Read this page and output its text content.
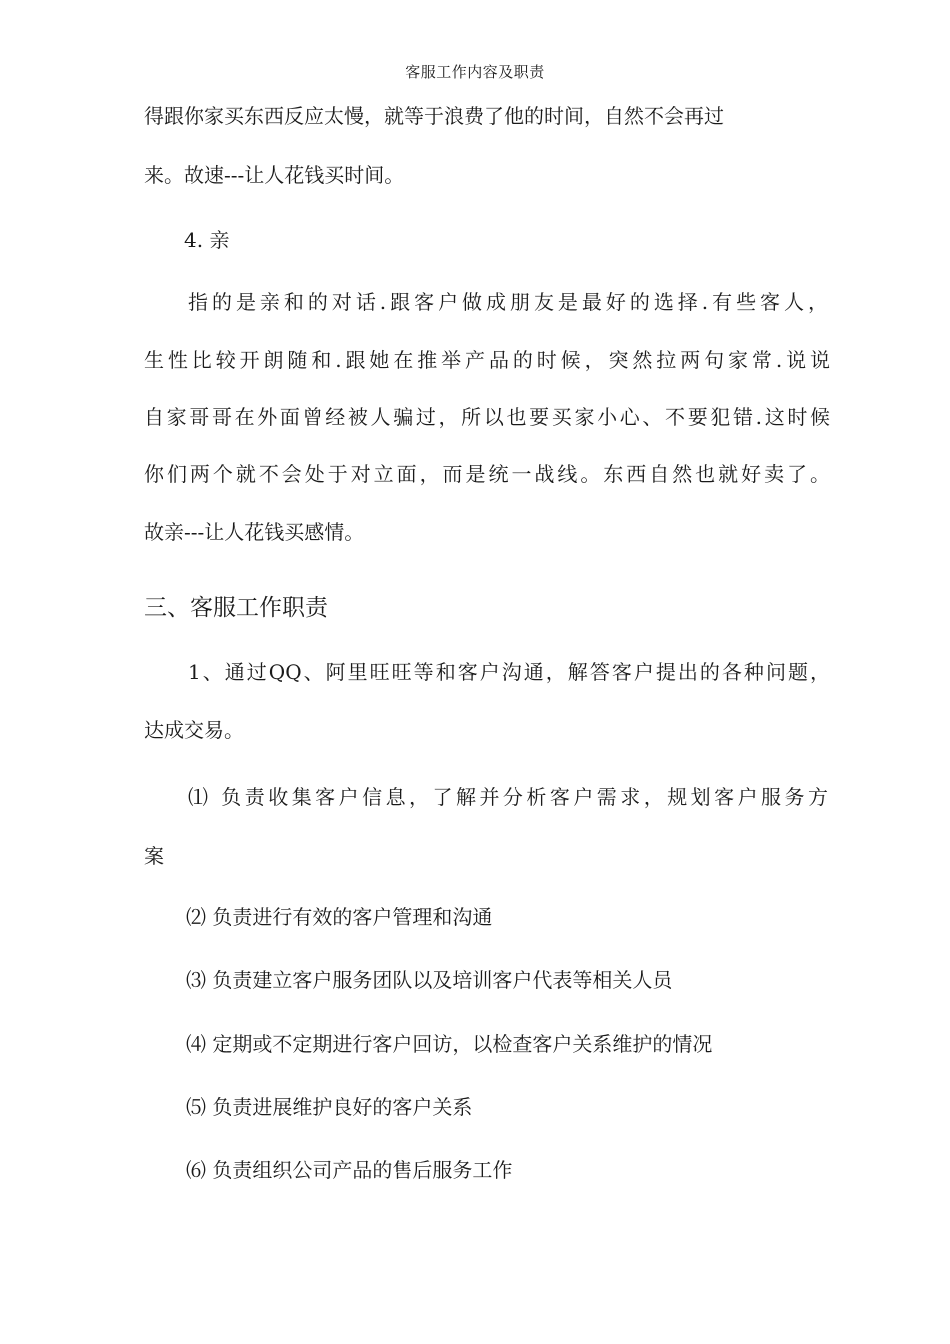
客服工作内容及职责
得跟你家买东西反应太慢，就等于浪费了他的时间，自然不会再过
来。故速---让人花钱买时间。
4. 亲
指的是亲和的对话.跟客户做成朋友是最好的选择.有些客人，
生性比较开朗随和.跟她在推举产品的时候，突然拉两句家常.说说
自家哥哥在外面曾经被人骗过，所以也要买家小心、不要犯错.这时候
你们两个就不会处于对立面，而是统一战线。东西自然也就好卖了。
故亲---让人花钱买感情。
三、客服工作职责
1、通过QQ、阿里旺旺等和客户沟通，解答客户提出的各种问题，
达成交易。
⑴ 负责收集客户信息，了解并分析客户需求，规划客户服务方
案
⑵ 负责进行有效的客户管理和沟通
⑶ 负责建立客户服务团队以及培训客户代表等相关人员
⑷ 定期或不定期进行客户回访，以检查客户关系维护的情况
⑸ 负责进展维护良好的客户关系
⑹ 负责组织公司产品的售后服务工作
